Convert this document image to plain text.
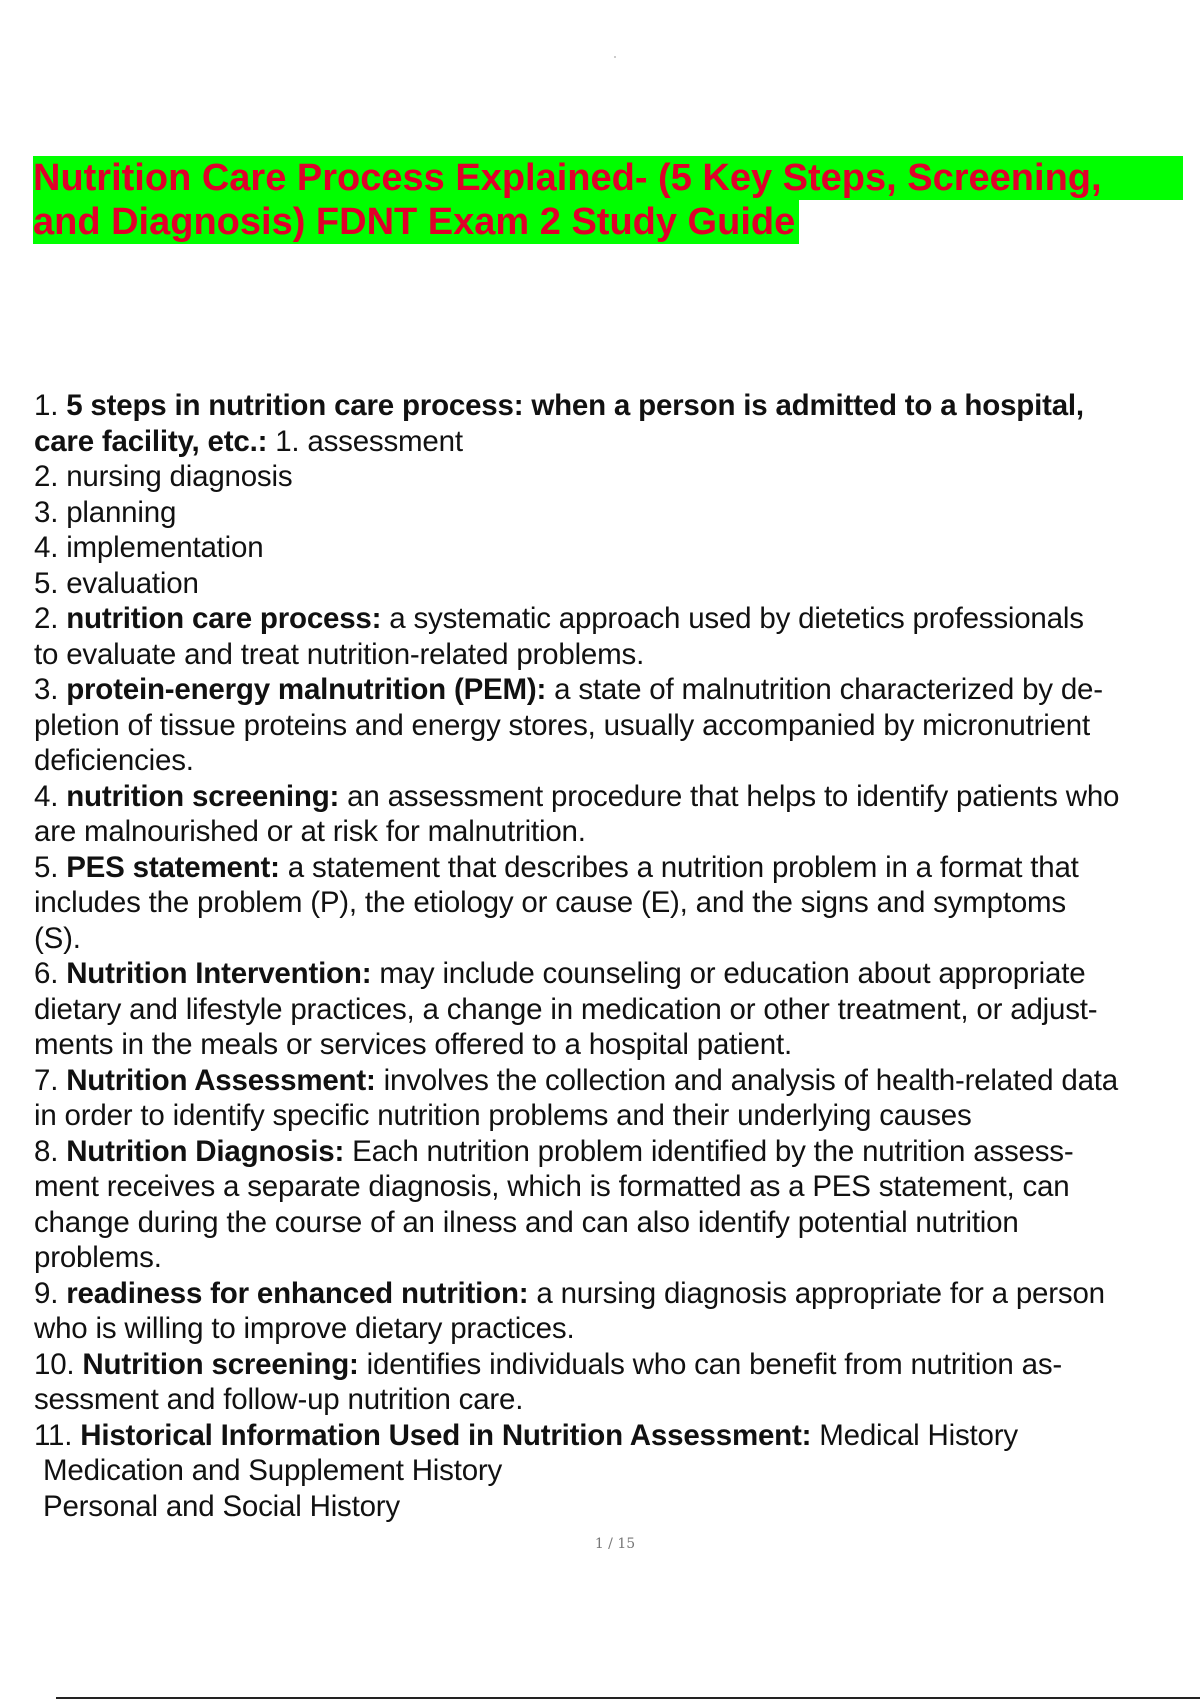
Nutrition Care Process Explained- (5 Key Steps, Screening,
and Diagnosis) FDNT Exam 2 Study Guide
1. 5 steps in nutrition care process: when a person is admitted to a hospital,
care facility, etc.: 1. assessment
2. nursing diagnosis
3. planning
4. implementation
5. evaluation
2. nutrition care process: a systematic approach used by dietetics professionals
to evaluate and treat nutrition-related problems.
3. protein-energy malnutrition (PEM): a state of malnutrition characterized by de-
pletion of tissue proteins and energy stores, usually accompanied by micronutrient
deficiencies.
4. nutrition screening: an assessment procedure that helps to identify patients who
are malnourished or at risk for malnutrition.
5. PES statement: a statement that describes a nutrition problem in a format that
includes the problem (P), the etiology or cause (E), and the signs and symptoms
(S).
6. Nutrition Intervention: may include counseling or education about appropriate
dietary and lifestyle practices, a change in medication or other treatment, or adjust-
ments in the meals or services offered to a hospital patient.
7. Nutrition Assessment: involves the collection and analysis of health-related data
in order to identify specific nutrition problems and their underlying causes
8. Nutrition Diagnosis: Each nutrition problem identified by the nutrition assess-
ment receives a separate diagnosis, which is formatted as a PES statement, can
change during the course of an ilness and can also identify potential nutrition
problems.
9. readiness for enhanced nutrition: a nursing diagnosis appropriate for a person
who is willing to improve dietary practices.
10. Nutrition screening: identifies individuals who can benefit from nutrition as-
sessment and follow-up nutrition care.
11. Historical Information Used in Nutrition Assessment: Medical History
Medication and Supplement History
Personal and Social History
1 / 15
